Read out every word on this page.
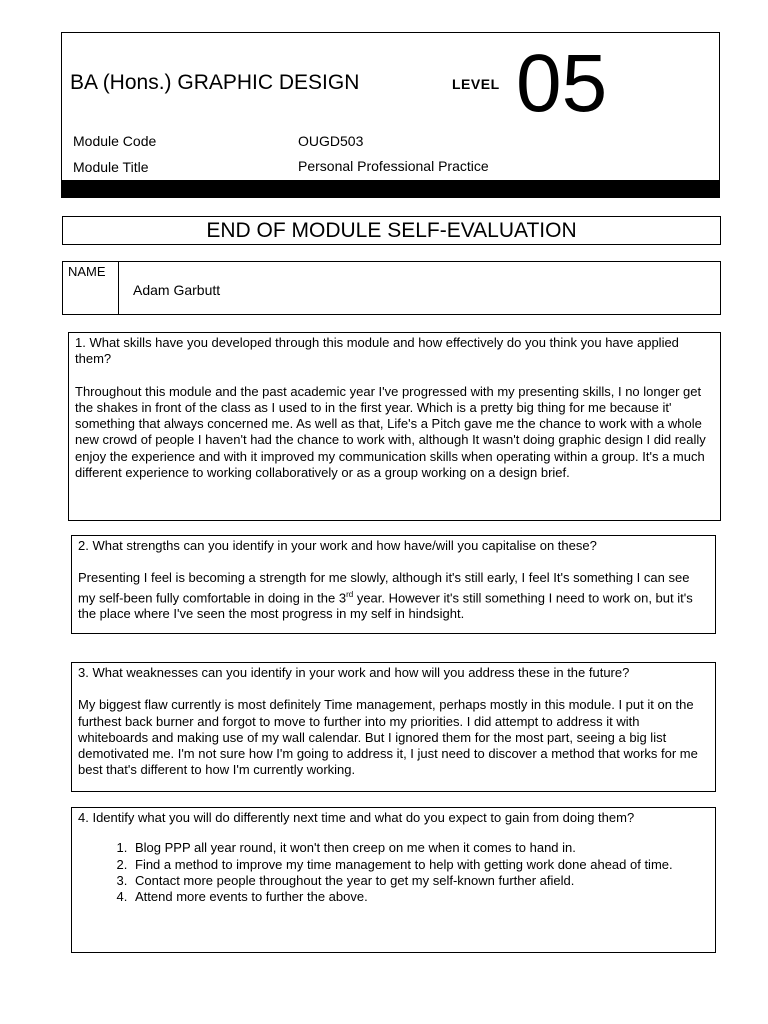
BA (Hons.) GRAPHIC DESIGN	LEVEL 05
Module Code	OUGD503
Module Title	Personal Professional Practice
END OF MODULE SELF-EVALUATION
NAME
Adam Garbutt

1. What skills have you developed through this module and how effectively do you think you have applied them?

Throughout this module and the past academic year I've progressed with my presenting skills, I no longer get the shakes in front of the class as I used to in the first year. Which is a pretty big thing for me because it' something that always concerned me. As well as that, Life's a Pitch gave me the chance to work with a whole new crowd of people I haven't had the chance to work with, although It wasn't doing graphic design I did really enjoy the experience and with it improved my communication skills when operating within a group. It's a much different experience to working collaboratively or as a group working on a design brief.

2. What strengths can you identify in your work and how have/will you capitalise on these?

Presenting I feel is becoming a strength for me slowly, although it's still early, I feel It's something I can see my self-been fully comfortable in doing in the 3rd year. However it's still something I need to work on, but it's the place where I've seen the most progress in my self in hindsight.

3. What weaknesses can you identify in your work and how will you address these in the future?

My biggest flaw currently is most definitely Time management, perhaps mostly in this module. I put it on the furthest back burner and forgot to move to further into my priorities. I did attempt to address it with whiteboards and making use of my wall calendar. But I ignored them for the most part, seeing a big list demotivated me. I'm not sure how I'm going to address it, I just need to discover a method that works for me best that's different to how I'm currently working.

4. Identify what you will do differently next time and what do you expect to gain from doing them?

1. Blog PPP all year round, it won't then creep on me when it comes to hand in.
2. Find a method to improve my time management to help with getting work done ahead of time.
3. Contact more people throughout the year to get my self-known further afield.
4. Attend more events to further the above.
